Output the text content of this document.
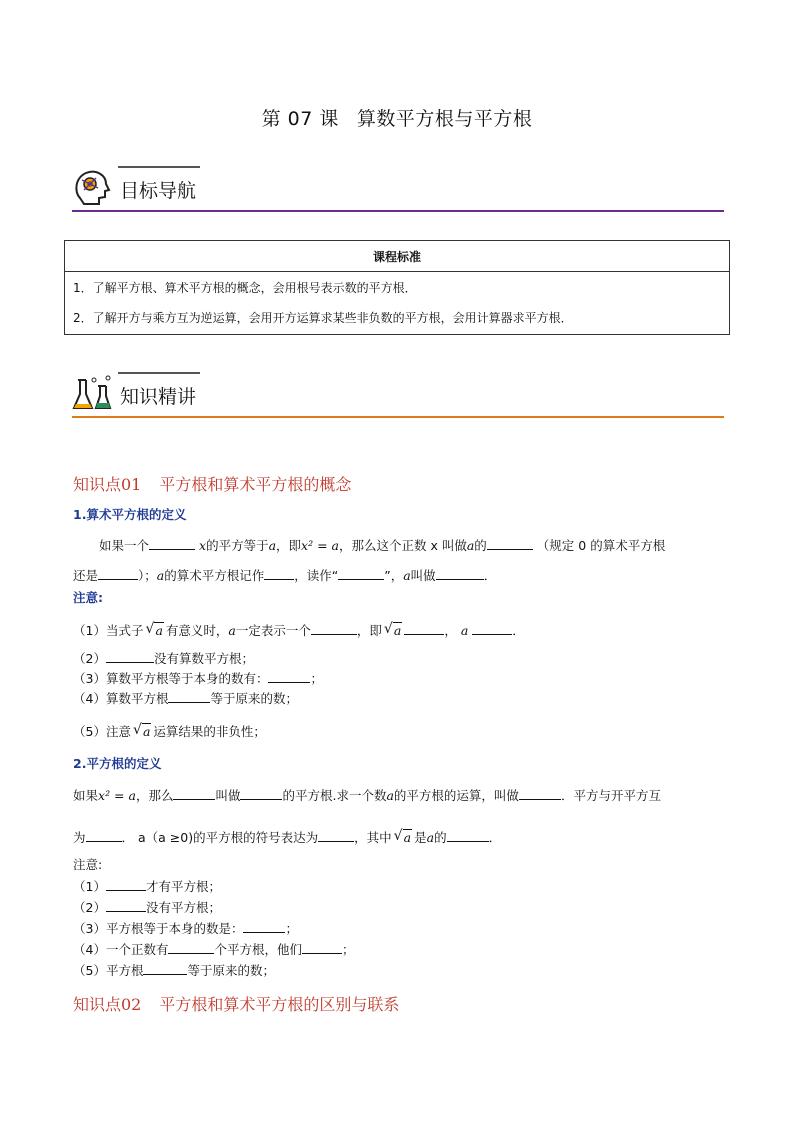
第 07 课 算数平方根与平方根
目标导航
课程标准

1．了解平方根、算术平方根的概念，会用根号表示数的平方根．
2．了解开方与乘方互为逆运算，会用开方运算求某些非负数的平方根，会用计算器求平方根．
知识精讲
知识点01 平方根和算术平方根的概念
1.算术平方根的定义
如果一个	x的平方等于a，即x² = a，那么这个正数 x 叫做a的	（规定 0 的算术平方根
还是	）；a的算术平方根记作 ，读作“	”，a叫做	．
注意:
（1）当式子 √ a 有意义时，a一定表示一个	，即 √ a	， a	．
（2）	没有算数平方根；
（3）算数平方根等于本身的数有：	；
（4）算数平方根	等于原来的数；
（5）注意 √ a 运算结果的非负性；
2.平方根的定义
如果x² = a，那么	叫做	的平方根.求一个数a的平方根的运算，叫做	．平方与开平方互
为	． a（a ≥0)的平方根的符号表达为	，其中 √ a 是a的	．
注意:
（1）	才有平方根；
（2）	没有平方根；
（3）平方根等于本身的数是：	；
（4）一个正数有	个平方根，他们	；
（5）平方根	等于原来的数；
知识点02 平方根和算术平方根的区别与联系
